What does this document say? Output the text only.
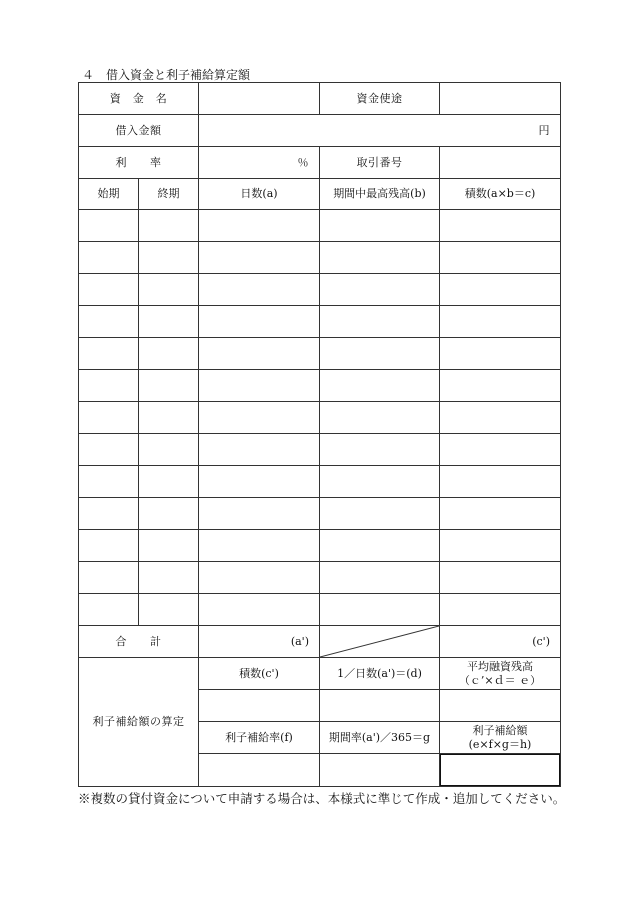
４　借入資金と利子補給算定額
資　金　名			資金使途	
借入金額		円		
利　　率		％	取引番号	
始期	終期	日数(a)	期間中最高残高(b)	積数(a×b＝c)

合　　計		(a')		(c')
利子補給額の算定		積数(c')	1／日数(a')＝(d)	平均融資残高
（ｃ’×ｄ＝ ｅ）

		利子補給率(f)	期間率(a')／365＝g	利子補給額
(e×f×g＝h)

※複数の貸付資金について申請する場合は、本様式に準じて作成・追加してください。
